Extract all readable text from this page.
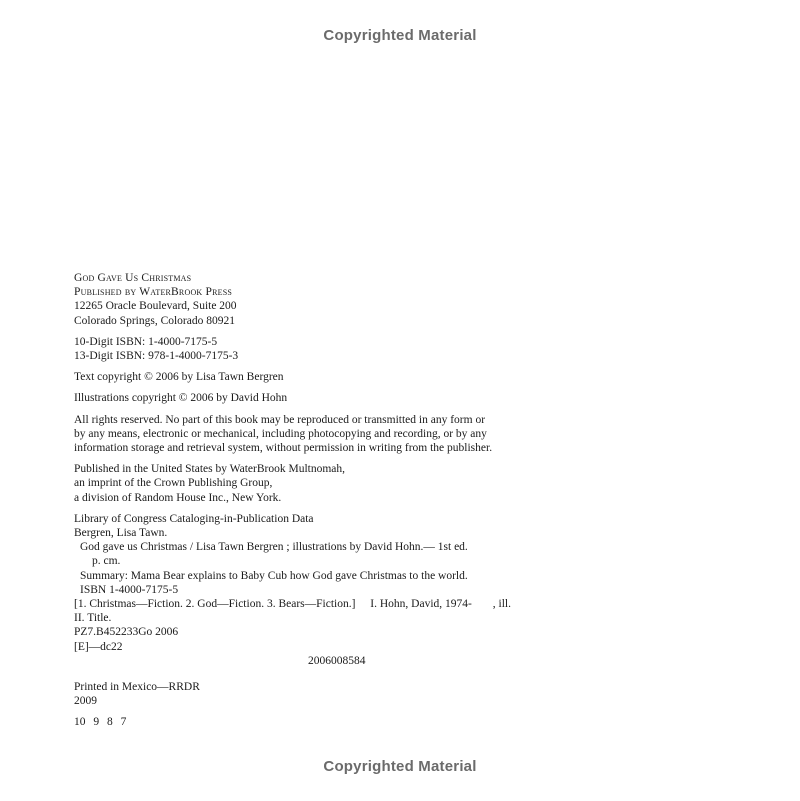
Copyrighted Material
God Gave Us Christmas
Published by WaterBrook Press
12265 Oracle Boulevard, Suite 200
Colorado Springs, Colorado 80921
10-Digit ISBN: 1-4000-7175-5
13-Digit ISBN: 978-1-4000-7175-3
Text copyright © 2006 by Lisa Tawn Bergren
Illustrations copyright © 2006 by David Hohn
All rights reserved. No part of this book may be reproduced or transmitted in any form or
by any means, electronic or mechanical, including photocopying and recording, or by any
information storage and retrieval system, without permission in writing from the publisher.
Published in the United States by WaterBrook Multnomah,
an imprint of the Crown Publishing Group,
a division of Random House Inc., New York.
Library of Congress Cataloging-in-Publication Data
Bergren, Lisa Tawn.
God gave us Christmas / Lisa Tawn Bergren ; illustrations by David Hohn.— 1st ed.
p. cm.
Summary: Mama Bear explains to Baby Cub how God gave Christmas to the world.
ISBN 1-4000-7175-5
[1. Christmas—Fiction. 2. God—Fiction. 3. Bears—Fiction.] I. Hohn, David, 1974- , ill.
II. Title.
PZ7.B452233Go 2006
[E]—dc22
2006008584
Printed in Mexico—RRDR
2009
10 9 8 7
Copyrighted Material
